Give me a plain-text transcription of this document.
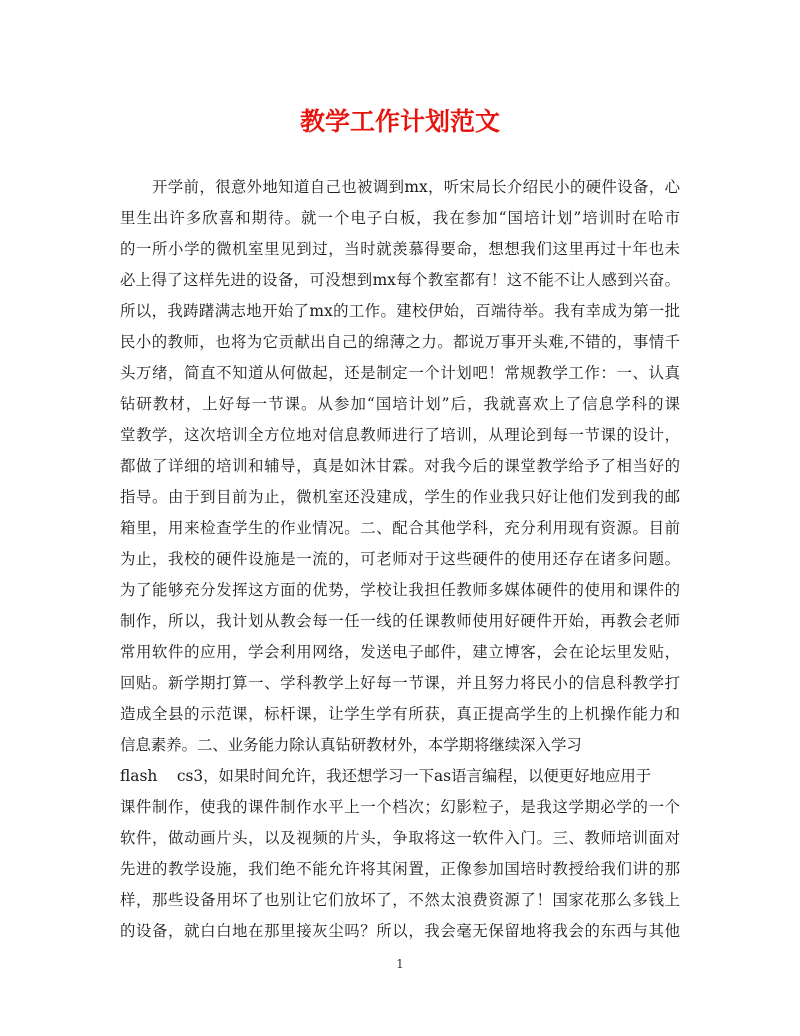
教学工作计划范文
开学前，很意外地知道自己也被调到mx，听宋局长介绍民小的硬件设备，心
里生出许多欣喜和期待。就一个电子白板，我在参加“国培计划”培训时在哈市
的一所小学的微机室里见到过，当时就羡慕得要命，想想我们这里再过十年也未
必上得了这样先进的设备，可没想到mx每个教室都有！这不能不让人感到兴奋。
所以，我踌躇满志地开始了mx的工作。建校伊始，百端待举。我有幸成为第一批
民小的教师，也将为它贡献出自己的绵薄之力。都说万事开头难,不错的，事情千
头万绪，简直不知道从何做起，还是制定一个计划吧！常规教学工作：一、认真
钻研教材，上好每一节课。从参加“国培计划”后，我就喜欢上了信息学科的课
堂教学，这次培训全方位地对信息教师进行了培训，从理论到每一节课的设计，
都做了详细的培训和辅导，真是如沐甘霖。对我今后的课堂教学给予了相当好的
指导。由于到目前为止，微机室还没建成，学生的作业我只好让他们发到我的邮
箱里，用来检查学生的作业情况。二、配合其他学科，充分利用现有资源。目前
为止，我校的硬件设施是一流的，可老师对于这些硬件的使用还存在诸多问题。
为了能够充分发挥这方面的优势，学校让我担任教师多媒体硬件的使用和课件的
制作，所以，我计划从教会每一任一线的任课教师使用好硬件开始，再教会老师
常用软件的应用，学会利用网络，发送电子邮件，建立博客，会在论坛里发贴，
回贴。新学期打算一、学科教学上好每一节课，并且努力将民小的信息科教学打
造成全县的示范课，标杆课，让学生学有所获，真正提高学生的上机操作能力和
信息素养。二、业务能力除认真钻研教材外，本学期将继续深入学习
flash    cs3，如果时间允许，我还想学习一下as语言编程，以便更好地应用于
课件制作，使我的课件制作水平上一个档次；幻影粒子，是我这学期必学的一个
软件，做动画片头，以及视频的片头，争取将这一软件入门。三、教师培训面对
先进的教学设施，我们绝不能允许将其闲置，正像参加国培时教授给我们讲的那
样，那些设备用坏了也别让它们放坏了，不然太浪费资源了！国家花那么多钱上
的设备，就白白地在那里接灰尘吗？所以，我会毫无保留地将我会的东西与其他
1
